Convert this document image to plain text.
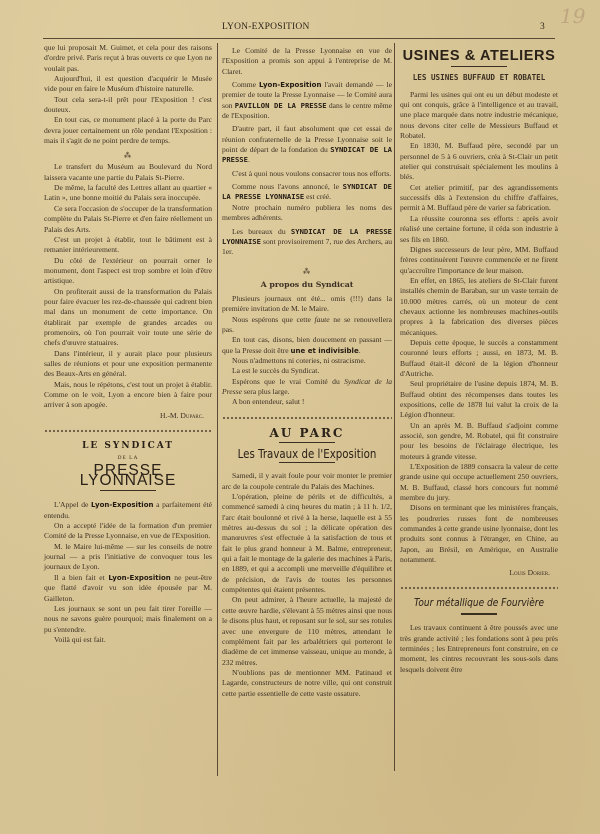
19
LYON-EXPOSITION	3

que lui proposait M. Guimet, et cela pour des raisons d'ordre privé. Paris reçut à bras ouverts ce que Lyon ne voulait pas.

Aujourd'hui, il est question d'acquérir le Musée vide pour en faire le Muséum d'histoire naturelle.

Tout cela sera-t-il prêt pour l'Exposition ! c'est douteux.

En tout cas, ce monument placé à la porte du Parc devra jouer certainement un rôle pendant l'Exposition : mais il s'agit de ne point perdre de temps.

⁂

Le transfert du Muséum au Boulevard du Nord laissera vacante une partie du Palais St-Pierre.

De même, la faculté des Lettres allant au quartier « Latin », une bonne moitié du Palais sera inoccupée.

Ce sera l'occasion de s'occuper de la transformation complète du Palais St-Pierre et d'en faire réellement un Palais des Arts.

C'est un projet à établir, tout le bâtiment est à remanier intérieurement.

Du côté de l'extérieur on pourrait orner le monument, dont l'aspect est trop sombre et loin d'être artistique.

On profiterait aussi de la transformation du Palais pour faire évacuer les rez-de-chaussée qui cadrent bien mal dans un monument de cette importance. On établirait par exemple de grandes arcades ou promenoirs, où l'on pourrait voir toute une série de chefs d'œuvre statuaires.

Dans l'intérieur, il y aurait place pour plusieurs salles de réunions et pour une exposition permanente des Beaux-Arts en général.

Mais, nous le répétons, c'est tout un projet à établir. Comme on le voit, Lyon a encore bien à faire pour arriver à son apogée.

H.-M. Duparc.
LE SYNDICAT
DE LA
PRESSE LYONNAISE

L'Appel de Lyon-Exposition a parfaitement été entendu.

On a accepté l'idée de la formation d'un premier Comité de la Presse Lyonnaise, en vue de l'Exposition.

M. le Maire lui-même — sur les conseils de notre journal — a pris l'initiative de convoquer tous les journaux de Lyon.

Il a bien fait et Lyon-Exposition ne peut-être que flatté d'avoir vu son idée épousée par M. Gailleton.

Les journaux se sont un peu fait tirer l'oreille — nous ne savons guère pourquoi; mais finalement on a pu s'entendre.

Voilà qui est fait.

Le Comité de la Presse Lyonnaise en vue de l'Exposition a promis son appui à l'entreprise de M. Claret.

Comme Lyon-Exposition l'avait demandé — le premier de toute la Presse Lyonnaise — le Comité aura son PAVILLON DE LA PRESSE dans le centre même de l'Exposition.

D'autre part, il faut absolument que cet essai de réunion confraternelle de la Presse Lyonnaise soit le point de départ de la fondation du SYNDICAT DE LA PRESSE.

C'est à quoi nous voulons consacrer tous nos efforts.

Comme nous l'avons annoncé, le SYNDICAT DE LA PRESSE LYONNAISE est créé.

Notre prochain numéro publiera les noms des membres adhérents.

Les bureaux du SYNDICAT DE LA PRESSE LYONNAISE sont provisoirement 7, rue des Archers, au 1er.

⁂
A propos du Syndicat

Plusieurs journaux ont été... omis (!!!) dans la première invitation de M. le Maire.

Nous espérons que cette faute ne se renouvellera pas.

En tout cas, disons, bien doucement en passant — que la Presse doit être une et indivisible.

Nous n'admettons ni coteries, ni ostracisme.

La est le succès du Syndicat.

Espérons que le vrai Comité du Syndicat de la Presse sera plus large.

A bon entendeur, salut !

AU PARC
Les Travaux de l'Exposition

Samedi, il y avait foule pour voir monter le premier arc de la coupole centrale du Palais des Machines.

L'opération, pleine de périls et de difficultés, a commencé samedi à cinq heures du matin ; à 11 h. 1/2, l'arc était boulonné et rivé à la herse, laquelle est à 55 mètres au-dessus du sol ; la délicate opération des manœuvres s'est effectuée à la satisfaction de tous et fait le plus grand honneur à M. Balme, entrepreneur, qui a fait le montage de la galerie des machines à Paris, en 1889, et qui a accompli une merveille d'équilibre et de précision, de l'avis de toutes les personnes compétentes qui étaient présentes.

On peut admirer, à l'heure actuelle, la majesté de cette œuvre hardie, s'élevant à 55 mètres ainsi que nous le disons plus haut, et reposant sur le sol, sur ses rotules avec une envergure de 110 mètres, attendant le complément fait par les arbalétriers qui porteront le diadème de cet immense vaisseau, unique au monde, à 232 mètres.

N'oublions pas de mentionner MM. Patinaud et Lagarde, constructeurs de notre ville, qui ont construit cette partie essentielle de cette vaste ossature.

USINES & ATELIERS
LES USINES BUFFAUD ET ROBATEL

Parmi les usines qui ont eu un début modeste et qui ont conquis, grâce à l'intelligence et au travail, une place marquée dans notre industrie mécanique, nous devons citer celle de Messieurs Buffaud et Robatel.

En 1830, M. Buffaud père, secondé par un personnel de 5 à 6 ouvriers, créa à St-Clair un petit atelier qui construisait spécialement les moulins à blés.

Cet atelier primitif, par des agrandissements successifs dûs à l'extension du chiffre d'affaires, permit à M. Buffaud père de varier sa fabrication.

La réussite couronna ses efforts : après avoir réalisé une certaine fortune, il céda son industrie à ses fils en 1860.

Dignes successeurs de leur père, MM. Buffaud frères continuèrent l'œuvre commencée et ne firent qu'accroître l'importance de leur maison.

En effet, en 1865, les ateliers de St-Clair furent installés chemin de Baraban, sur un vaste terrain de 10.000 mètres carrés, où un moteur de cent chevaux actionne les nombreuses machines-outils propres à la fabrication des diverses pièces mécaniques.

Depuis cette époque, le succès a constamment couronné leurs efforts ; aussi, en 1873, M. B. Buffaud était-il décoré de la légion d'honneur d'Autriche.

Seul propriétaire de l'usine depuis 1874, M. B. Buffaud obtint des récompenses dans toutes les expositions, celle de 1878 lui valut la croix de la Légion d'honneur.

Un an après M. B. Buffaud s'adjoint comme associé, son gendre, M. Robatel, qui fit construire pour les besoins de l'éclairage électrique, les moteurs à grande vitesse.

L'Exposition de 1889 consacra la valeur de cette grande usine qui occupe actuellement 250 ouvriers, M. B. Buffaud, classé hors concours fut nommé membre du jury.

Disons en terminant que les ministères français, les poudreries russes font de nombreuses commandes à cette grande usine lyonnaise, dont les produits sont connus à l'étranger, en Chine, au Japon, au Brésil, en Amérique, en Australie notamment.

Louis Dorier.
Tour métallique de Fourvière

Les travaux continuent à être poussés avec une très grande activité ; les fondations sont à peu près terminées ; les Entrepreneurs font construire, en ce moment, les cintres recouvrant les sous-sols dans lesquels doivent être
